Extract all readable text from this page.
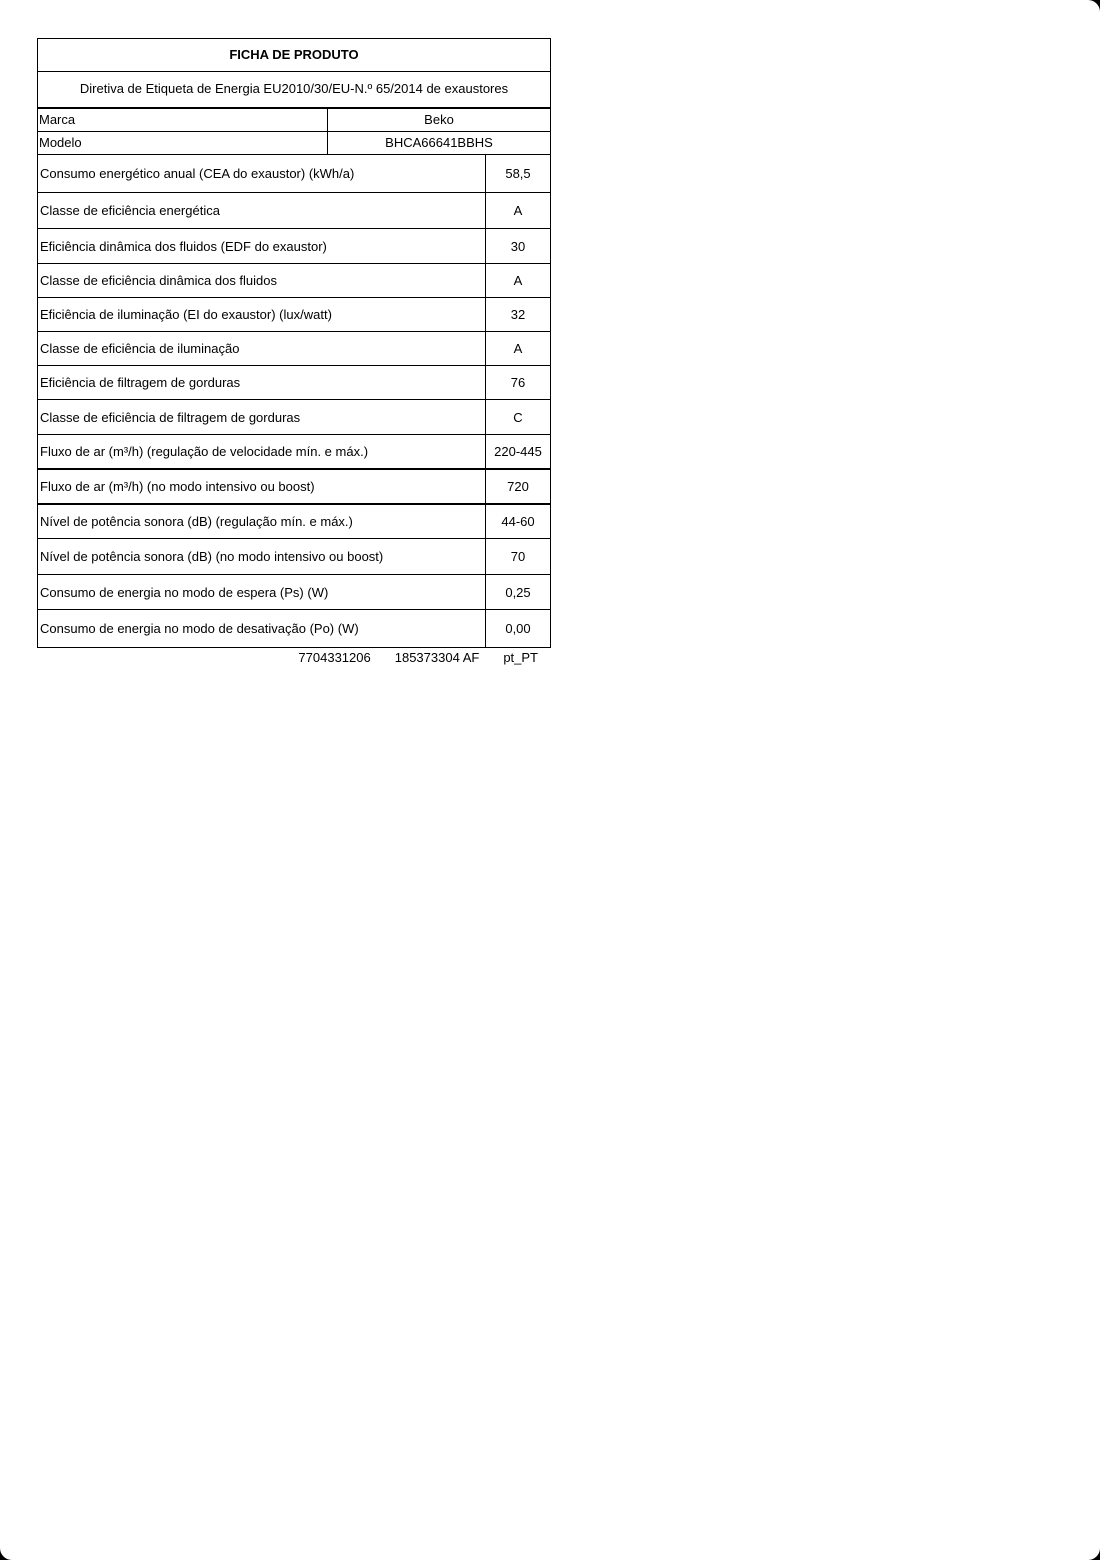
FICHA DE PRODUTO
Diretiva de Etiqueta de Energia EU2010/30/EU-N.º 65/2014 de exaustores
Marca	Beko
Modelo	BHCA66641BBHS
Consumo energético anual (CEA do exaustor) (kWh/a)	58,5
Classe de eficiência energética	A
Eficiência dinâmica dos fluidos (EDF do exaustor)	30
Classe de eficiência dinâmica dos fluidos	A
Eficiência de iluminação (EI do exaustor) (lux/watt)	32
Classe de eficiência de iluminação	A
Eficiência de filtragem de gorduras	76
Classe de eficiência de filtragem de gorduras	C
Fluxo de ar (m³/h) (regulação de velocidade mín. e máx.)	220-445
Fluxo de ar (m³/h) (no modo intensivo ou boost)	720
Nível de potência sonora (dB) (regulação mín. e máx.)	44-60
Nível de potência sonora (dB) (no modo intensivo ou boost)	70
Consumo de energia no modo de espera (Ps) (W)	0,25
Consumo de energia no modo de desativação (Po) (W)	0,00
7704331206 185373304 AF pt_PT
